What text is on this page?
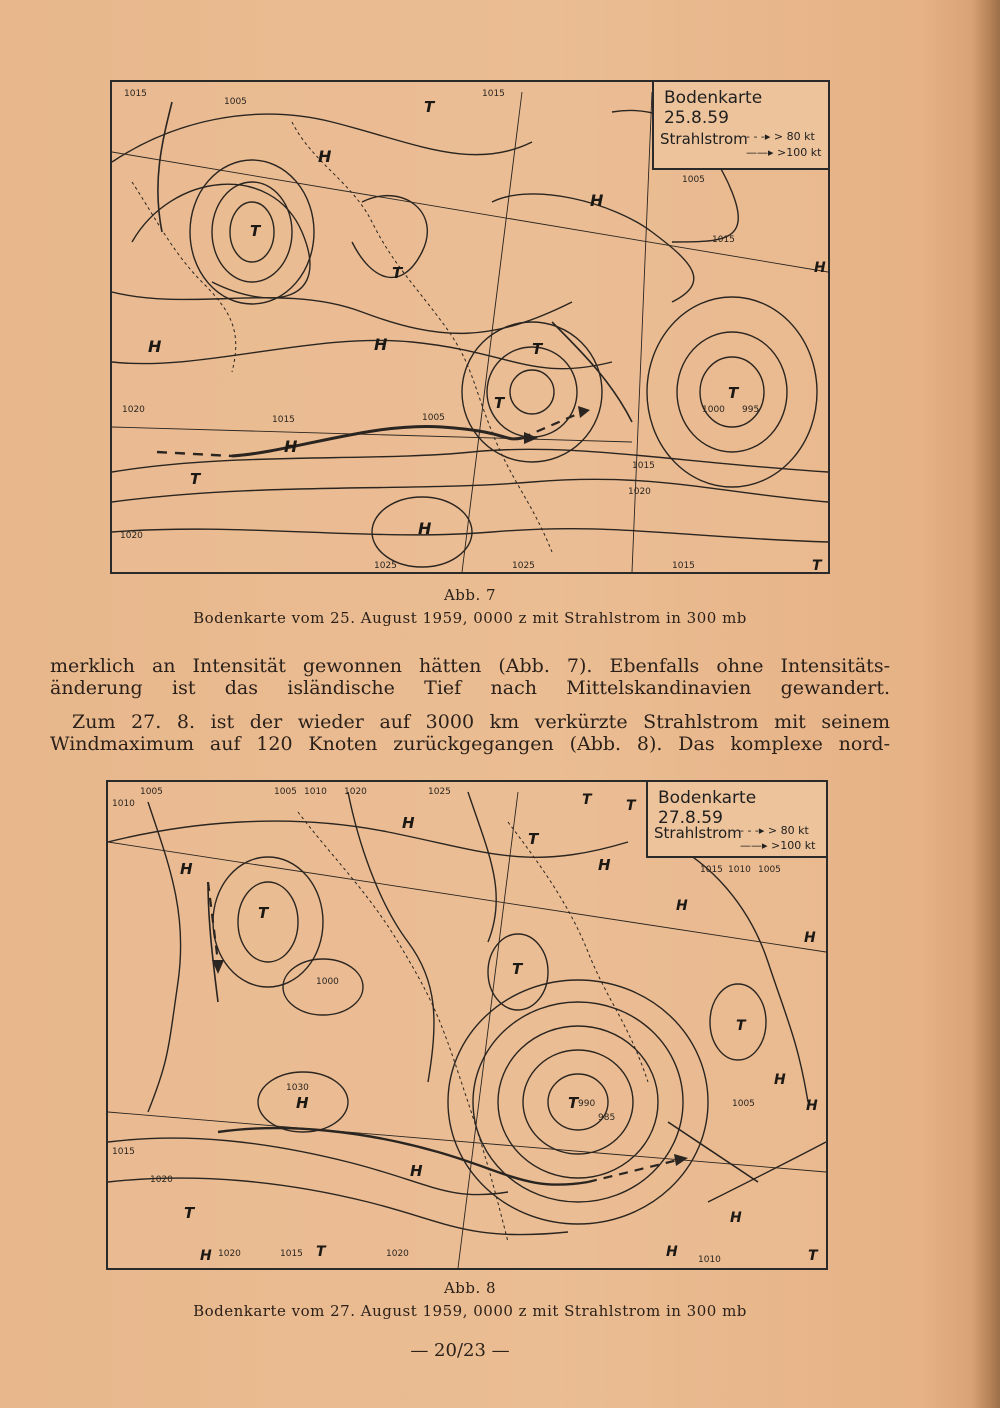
1015
1005
1015
1005
1015
1020
1015	1005
1000 995
1015
1020
1020
1025	1015
1025
H
H
H	H
H
H
H
T
T
T
T
T
T
T
T
Bodenkarte 25.8.59
Strahlstrom
- - -▸ > 80 kt
——▸ >100 kt
Abb. 7
Bodenkarte vom 25. August 1959, 0000 z mit Strahlstrom in 300 mb
merklich an Intensität gewonnen hätten (Abb. 7). Ebenfalls ohne Intensitäts-
änderung ist das isländische Tief nach Mittelskandinavien gewandert.
Zum 27. 8. ist der wieder auf 3000 km verkürzte Strahlstrom mit seinem
Windmaximum auf 120 Knoten zurückgegangen (Abb. 8). Das komplexe nord-
1005
1010
1005 1010 1020	1025
1015 1010 1005
1015
1020
1020	1015	1020
1010
1030
990
985
1005
1000
H
H	H
H
H
H
H
H
H
H
H
H
T T
T
T
T
T
T
T
T	T
Bodenkarte 27.8.59
Strahlstrom
- - -▸ > 80 kt
——▸ >100 kt
Abb. 8
Bodenkarte vom 27. August 1959, 0000 z mit Strahlstrom in 300 mb
— 20/23 —
